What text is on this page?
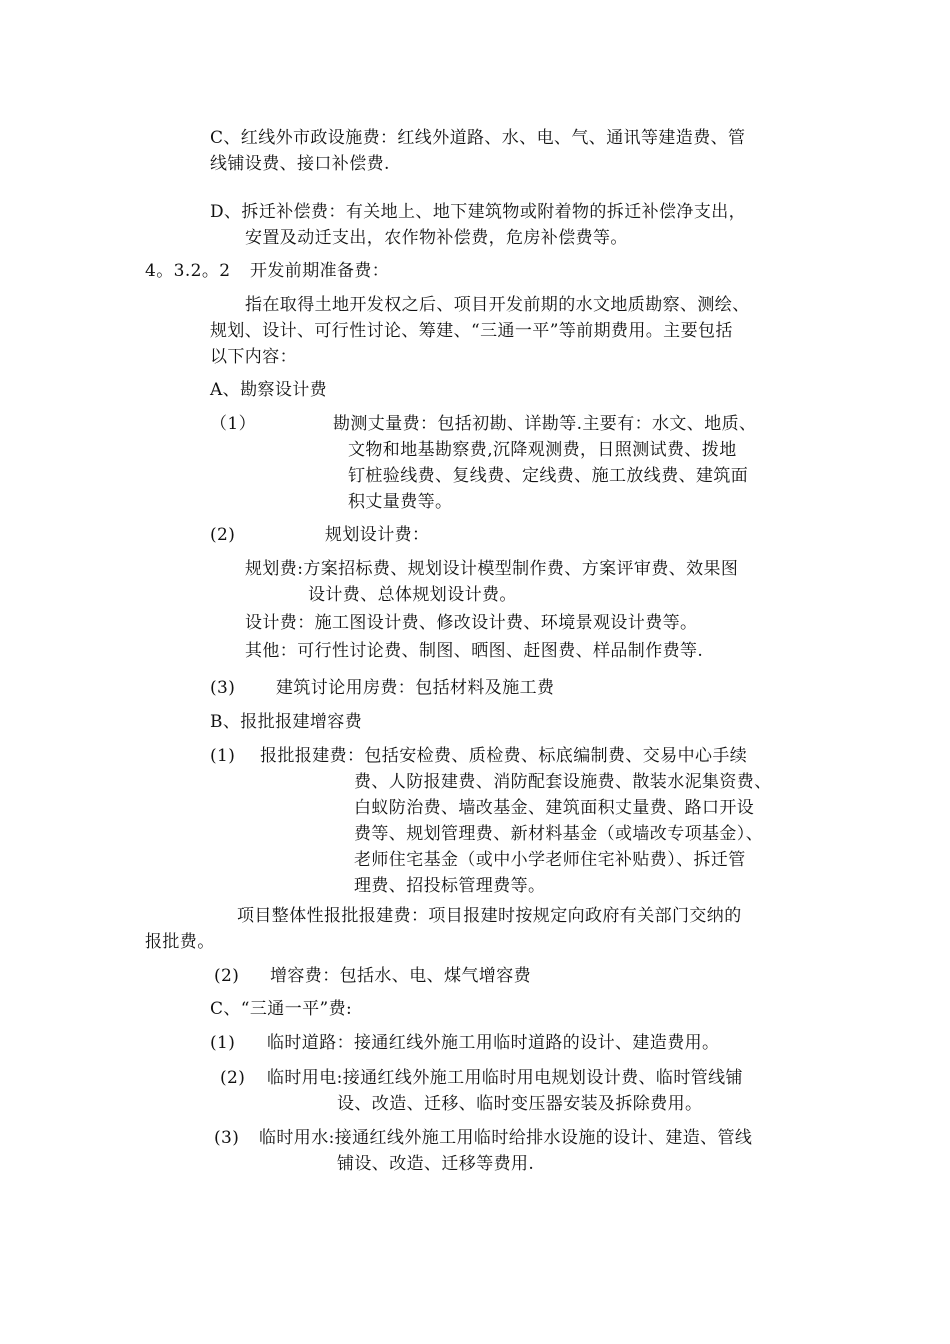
C、红线外市政设施费：红线外道路、水、电、气、通讯等建造费、管
线铺设费、接口补偿费.
D、拆迁补偿费：有关地上、地下建筑物或附着物的拆迁补偿净支出，
安置及动迁支出，农作物补偿费，危房补偿费等。
4。3.2。2 开发前期准备费：
指在取得土地开发权之后、项目开发前期的水文地质勘察、测绘、
规划、设计、可行性讨论、筹建、“三通一平”等前期费用。主要包括
以下内容：
A、勘察设计费
（1）	勘测丈量费：包括初勘、详勘等.主要有：水文、地质、
文物和地基勘察费,沉降观测费，日照测试费、拨地
钉桩验线费、复线费、定线费、施工放线费、建筑面
积丈量费等。
(2)	规划设计费：
规划费:方案招标费、规划设计模型制作费、方案评审费、效果图
设计费、总体规划设计费。
设计费：施工图设计费、修改设计费、环境景观设计费等。
其他：可行性讨论费、制图、晒图、赶图费、样品制作费等.
(3) 建筑讨论用房费：包括材料及施工费
B、报批报建增容费
(1) 报批报建费：包括安检费、质检费、标底编制费、交易中心手续
费、人防报建费、消防配套设施费、散装水泥集资费、
白蚁防治费、墙改基金、建筑面积丈量费、路口开设
费等、规划管理费、新材料基金（或墙改专项基金）、
老师住宅基金（或中小学老师住宅补贴费）、拆迁管
理费、招投标管理费等。
项目整体性报批报建费：项目报建时按规定向政府有关部门交纳的
报批费。
(2) 增容费：包括水、电、煤气增容费
C、“三通一平”费:
(1) 临时道路：接通红线外施工用临时道路的设计、建造费用。
(2) 临时用电:接通红线外施工用临时用电规划设计费、临时管线铺
设、改造、迁移、临时变压器安装及拆除费用。
(3) 临时用水:接通红线外施工用临时给排水设施的设计、建造、管线
铺设、改造、迁移等费用.
